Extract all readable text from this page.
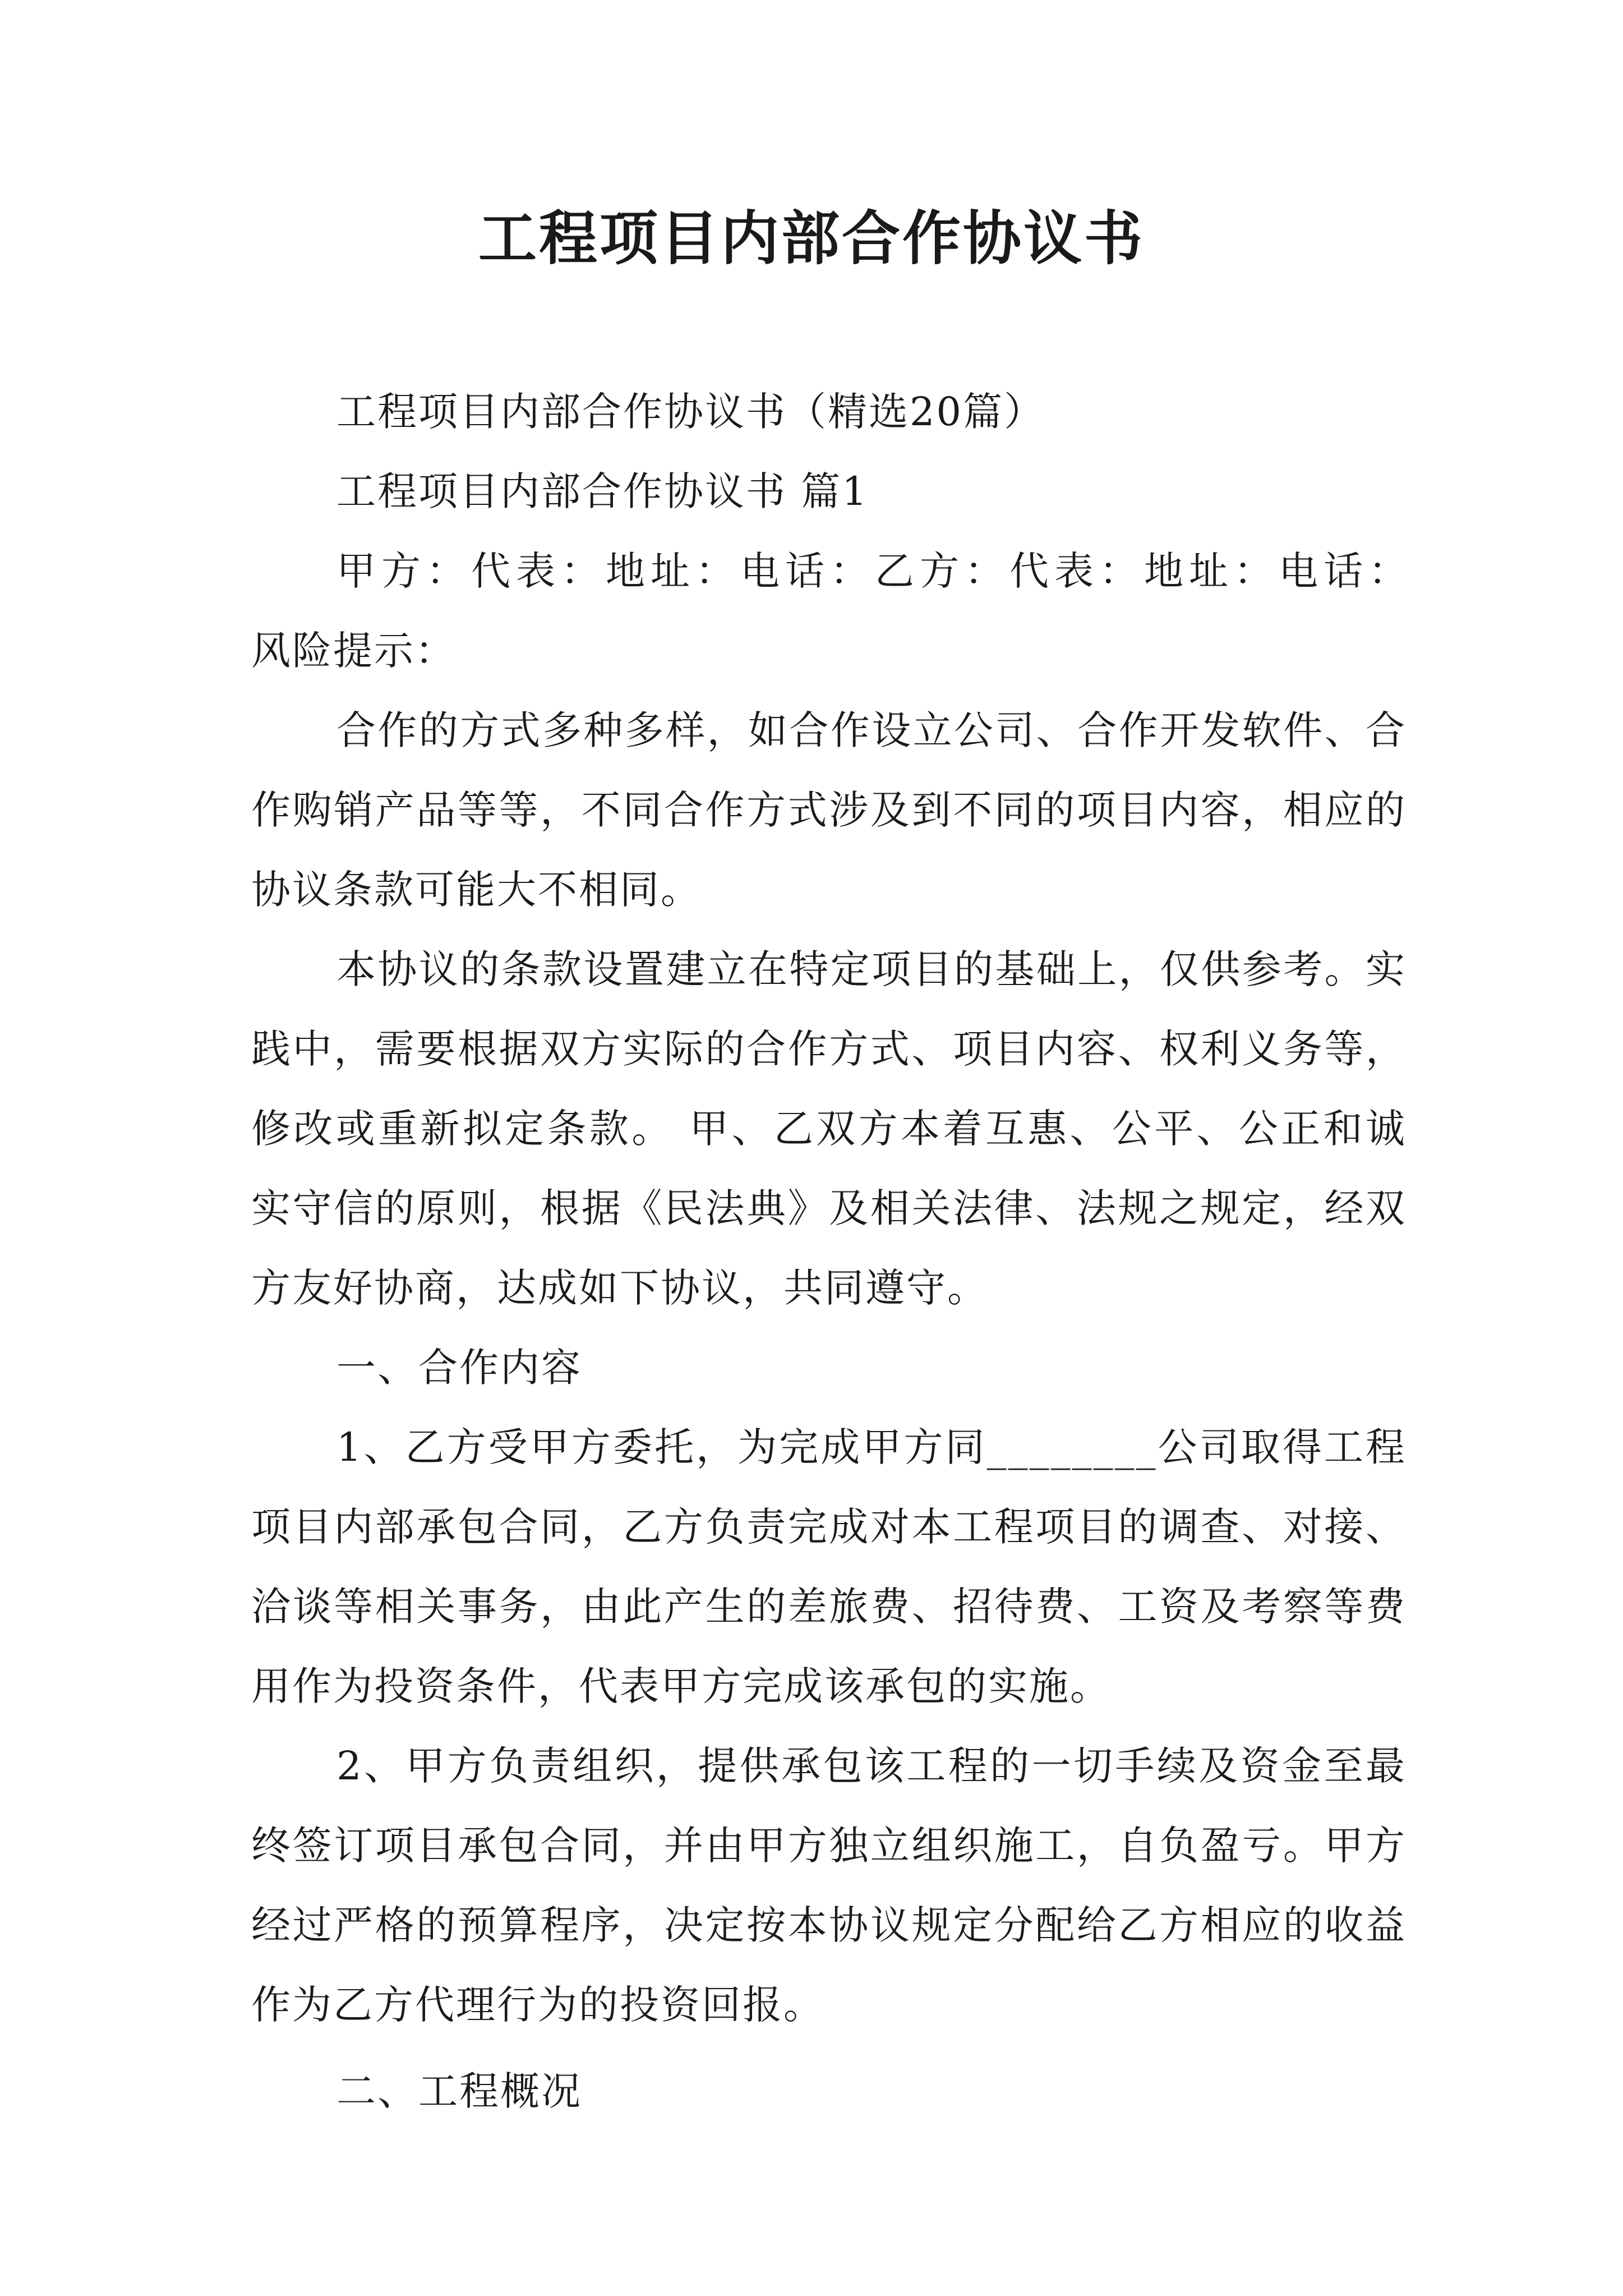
工程项目内部合作协议书

工程项目内部合作协议书（精选20篇）

工程项目内部合作协议书 篇1

甲方：代表：地址：电话：乙方：代表：地址：电话：

风险提示：

合作的方式多种多样，如合作设立公司、合作开发软件、合作购销产品等等，不同合作方式涉及到不同的项目内容，相应的协议条款可能大不相同。

本协议的条款设置建立在特定项目的基础上，仅供参考。实践中，需要根据双方实际的合作方式、项目内容、权利义务等，修改或重新拟定条款。 甲、乙双方本着互惠、公平、公正和诚实守信的原则，根据《民法典》及相关法律、法规之规定，经双方友好协商，达成如下协议，共同遵守。

一、合作内容

1、乙方受甲方委托，为完成甲方同________公司取得工程项目内部承包合同，乙方负责完成对本工程项目的调查、对接、洽谈等相关事务，由此产生的差旅费、招待费、工资及考察等费用作为投资条件，代表甲方完成该承包的实施。

2、甲方负责组织，提供承包该工程的一切手续及资金至最终签订项目承包合同，并由甲方独立组织施工，自负盈亏。甲方经过严格的预算程序，决定按本协议规定分配给乙方相应的收益作为乙方代理行为的投资回报。

二、工程概况
